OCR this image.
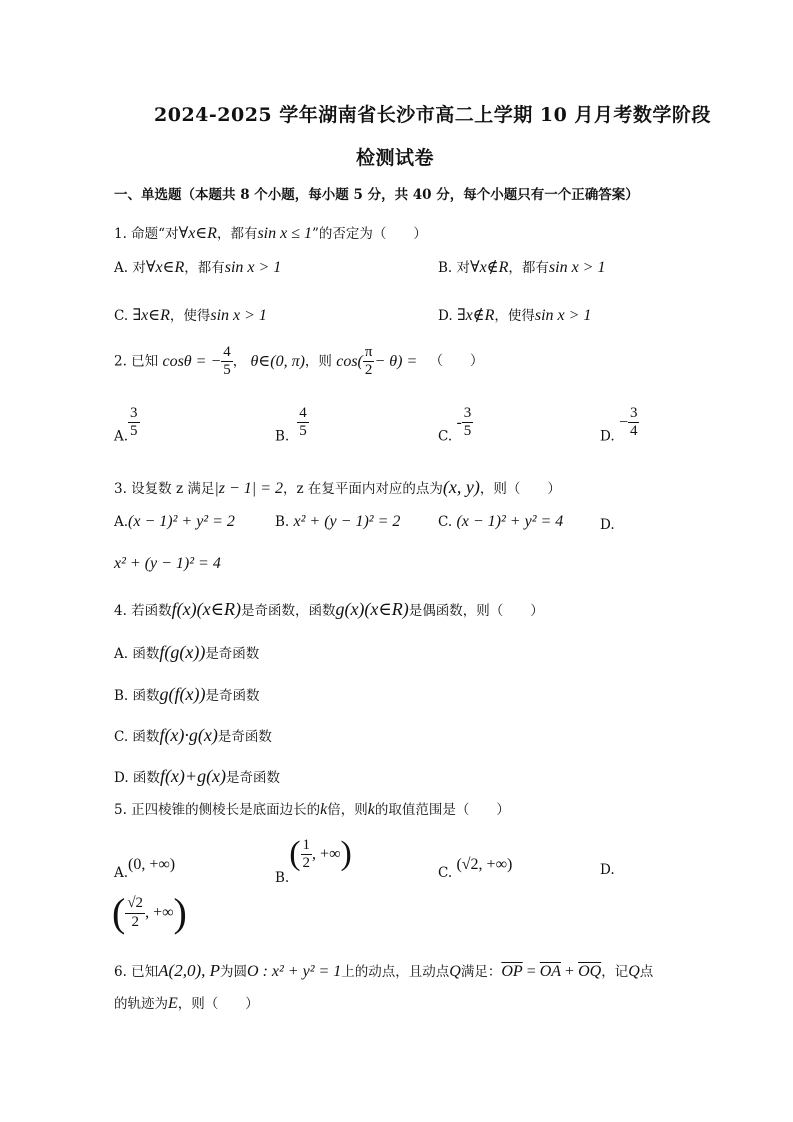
2024-2025 学年湖南省长沙市高二上学期 10 月月考数学阶段
检测试卷
一、单选题（本题共 8 个小题，每小题 5 分，共 40 分，每个小题只有一个正确答案）
1. 命题“对∀x∈R，都有sin x ≤ 1”的否定为（　　）
A. 对∀x∈R，都有sin x > 1	B. 对∀x∉R，都有sin x > 1
C. ∃x∈R，使得sin x > 1	D. ∃x∉R，使得sin x > 1
2. 已知 cosθ = − $\frac{4}{5}$ ， θ∈(0, π)，则 $\cos( \frac{\pi}{2} - \theta)$ = （　　）
A. $\frac{3}{5}$	B. $\frac{4}{5}$	C. - $\frac{3}{5}$	D. − $\frac{3}{4}$
3. 设复数 z 满足|z − 1| = 2，z 在复平面内对应的点为(x, y)，则（　　）
A.(x − 1)² + y² = 2	B. x² + (y − 1)² = 2	C. (x − 1)² + y² = 4	D.
x² + (y − 1)² = 4
4. 若函数f(x)(x∈R)是奇函数，函数g(x)(x∈R)是偶函数，则（　　）
A. 函数f(g(x))是奇函数
B. 函数g(f(x))是奇函数
C. 函数f(x)·g(x)是奇函数
D. 函数f(x)+g(x)是奇函数
5. 正四棱锥的侧棱长是底面边长的k倍，则k的取值范围是（　　）
A.(0, +∞)
$B.( \frac{1}{2}$ , +∞)
C. (√2, +∞)	D.
( $\frac{√2}{2}$ , +∞)
6. 已知A(2,0), P为圆O : x² + y² = 1上的动点，且动点Q满足：$\overline{OP} = \overline{OA} + \overline{OQ}$，记Q点
的轨迹为E，则（　　）
